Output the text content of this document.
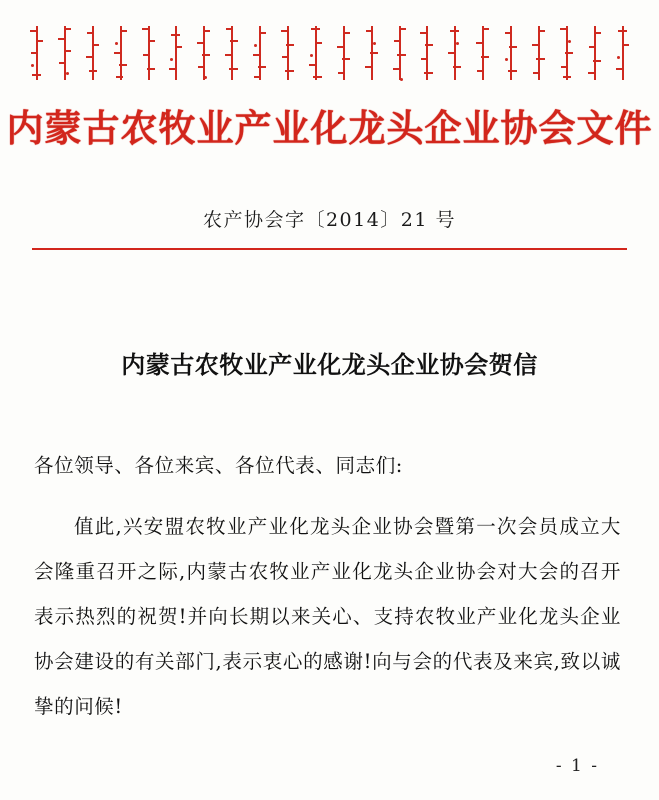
内蒙古农牧业产业化龙头企业协会文件
农产协会字〔2014〕21 号
内蒙古农牧业产业化龙头企业协会贺信
各位领导、各位来宾、各位代表、同志们:
值此,兴安盟农牧业产业化龙头企业协会暨第一次会员成立大会隆重召开之际,内蒙古农牧业产业化龙头企业协会对大会的召开表示热烈的祝贺!并向长期以来关心、支持农牧业产业化龙头企业协会建设的有关部门,表示衷心的感谢!向与会的代表及来宾,致以诚挚的问候!
- 1 -
